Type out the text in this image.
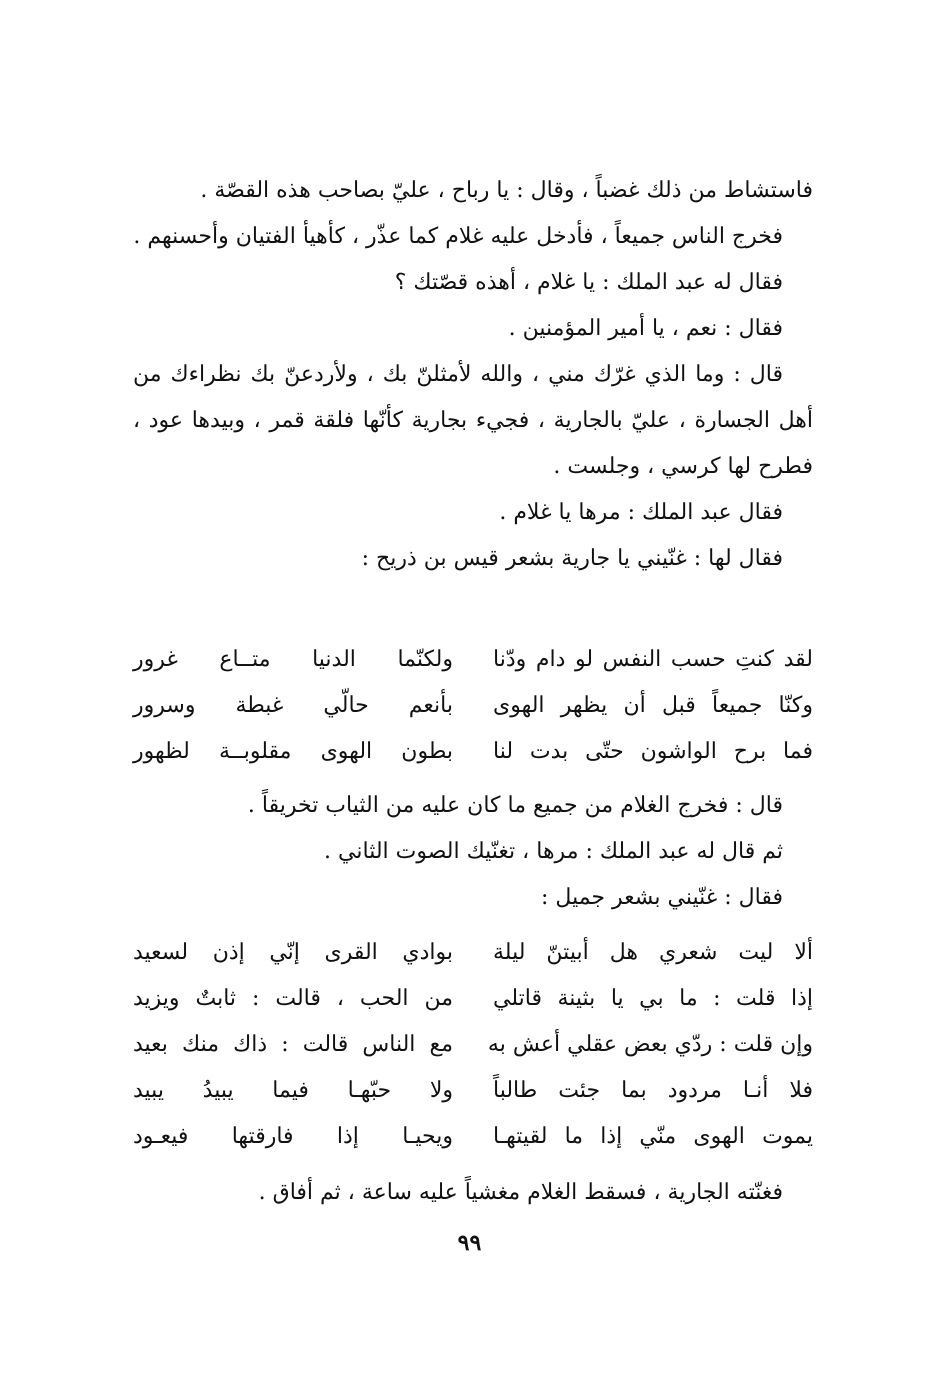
فاستشاط من ذلك غضباً ، وقال : يا رباح ، عليّ بصاحب هذه القصّة .

فخرج الناس جميعاً ، فأدخل عليه غلام كما عذّر ، كأهيأ الفتيان وأحسنهم .

فقال له عبد الملك : يا غلام ، أهذه قصّتك ؟

فقال : نعم ، يا أمير المؤمنين .

قال : وما الذي غرّك مني ، والله لأمثلنّ بك ، ولأردعنّ بك نظراءك من أهل الجسارة ، عليّ بالجارية ، فجيء بجارية كأنّها فلقة قمر ، وبيدها عود ، فطرح لها كرسي ، وجلست .

فقال عبد الملك : مرها يا غلام .

فقال لها : غنّيني يا جارية بشعر قيس بن ذريح :

لقد كنتِ حسب النفس لو دام ودّنا
ولكنّما الدنيا متــاع غرور
وكنّا جميعاً قبل أن يظهر الهوى
بأنعم حالّي غبطة وسرور
فما برح الواشون حتّى بدت لنا
بطون الهوى مقلوبــة لظهور

قال : فخرج الغلام من جميع ما كان عليه من الثياب تخريقاً .

ثم قال له عبد الملك : مرها ، تغنّيك الصوت الثاني .

فقال : غنّيني بشعر جميل :

ألا ليت شعري هل أبيتنّ ليلة
بوادي القرى إنّي إذن لسعيد
إذا قلت : ما بي يا بثينة قاتلي
من الحب ، قالت : ثابتٌ ويزيد
وإن قلت : ردّي بعض عقلي أعش به
مع الناس قالت : ذاك منك بعيد
فلا أنـا مردود بما جئت طالباً
ولا حبّهـا فيما يبيدُ يبيد
يموت الهوى منّي إذا ما لقيتهـا
ويحيـا إذا فارقتها فيعـود

فغنّته الجارية ، فسقط الغلام مغشياً عليه ساعة ، ثم أفاق .

٩٩
